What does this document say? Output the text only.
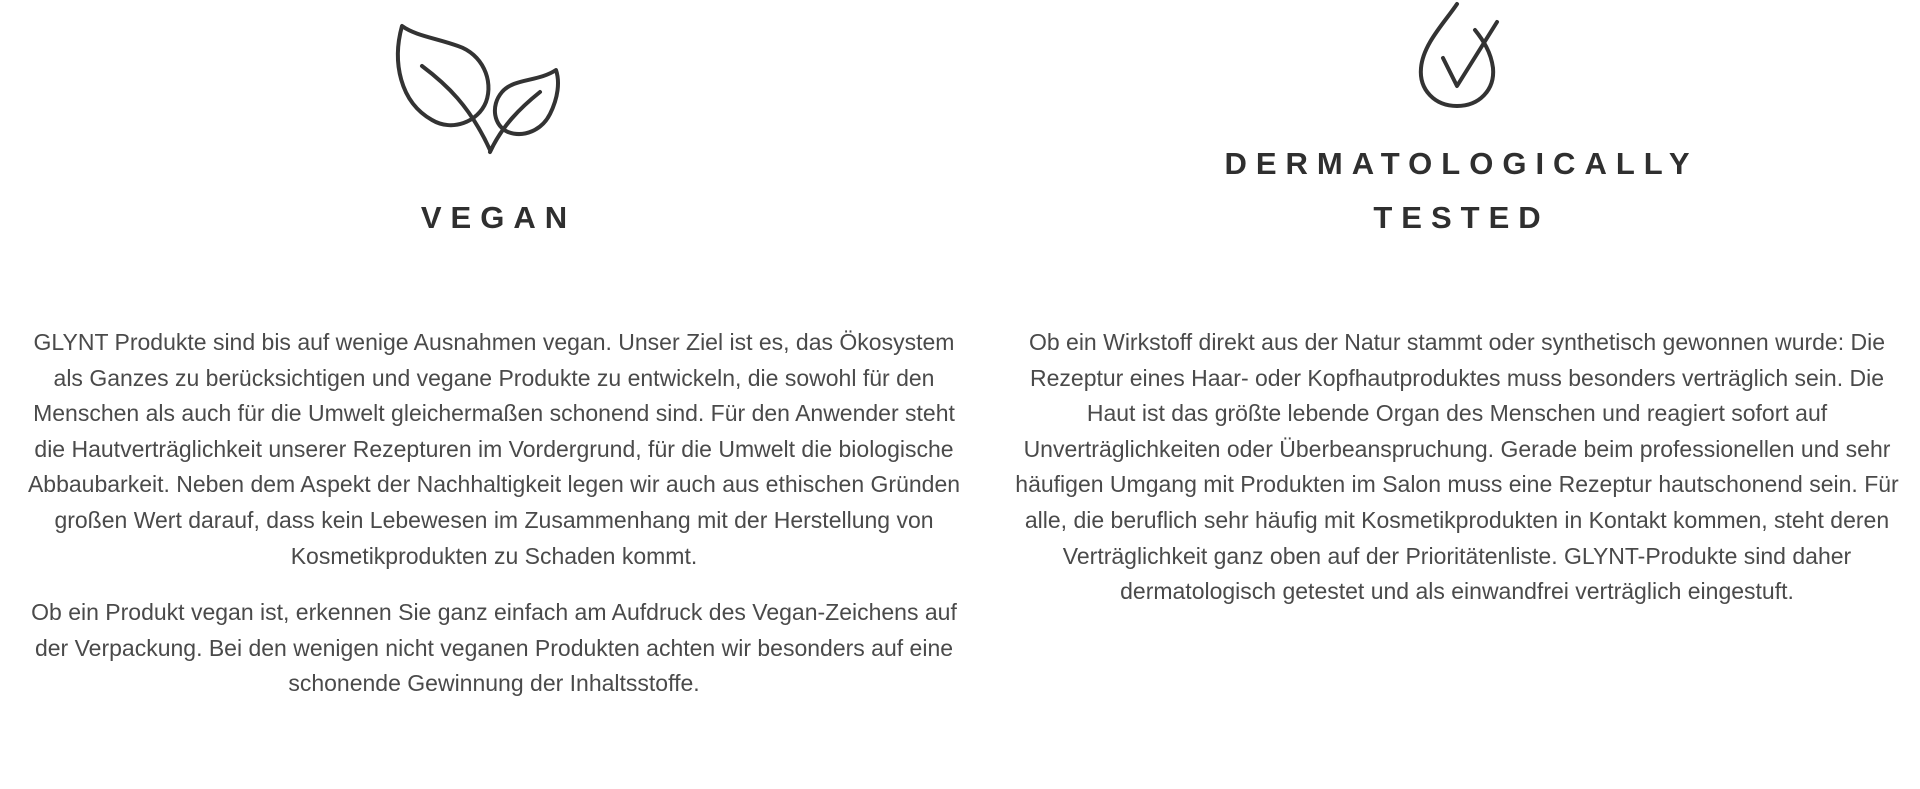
VEGAN

GLYNT Produkte sind bis auf wenige Ausnahmen vegan. Unser Ziel ist es, das Ökosystem als Ganzes zu berücksichtigen und vegane Produkte zu entwickeln, die sowohl für den Menschen als auch für die Umwelt gleichermaßen schonend sind. Für den Anwender steht die Hautverträglichkeit unserer Rezepturen im Vordergrund, für die Umwelt die biologische Abbaubarkeit. Neben dem Aspekt der Nachhaltigkeit legen wir auch aus ethischen Gründen großen Wert darauf, dass kein Lebewesen im Zusammenhang mit der Herstellung von Kosmetikprodukten zu Schaden kommt.

Ob ein Produkt vegan ist, erkennen Sie ganz einfach am Aufdruck des Vegan-Zeichens auf der Verpackung. Bei den wenigen nicht veganen Produkten achten wir besonders auf eine schonende Gewinnung der Inhaltsstoffe.

DERMATOLOGICALLY
TESTED

Ob ein Wirkstoff direkt aus der Natur stammt oder synthetisch gewonnen wurde: Die Rezeptur eines Haar- oder Kopfhautproduktes muss besonders verträglich sein. Die Haut ist das größte lebende Organ des Menschen und reagiert sofort auf Unverträglichkeiten oder Überbeanspruchung. Gerade beim professionellen und sehr häufigen Umgang mit Produkten im Salon muss eine Rezeptur hautschonend sein. Für alle, die beruflich sehr häufig mit Kosmetikprodukten in Kontakt kommen, steht deren Verträglichkeit ganz oben auf der Prioritätenliste. GLYNT-Produkte sind daher dermatologisch getestet und als einwandfrei verträglich eingestuft.
